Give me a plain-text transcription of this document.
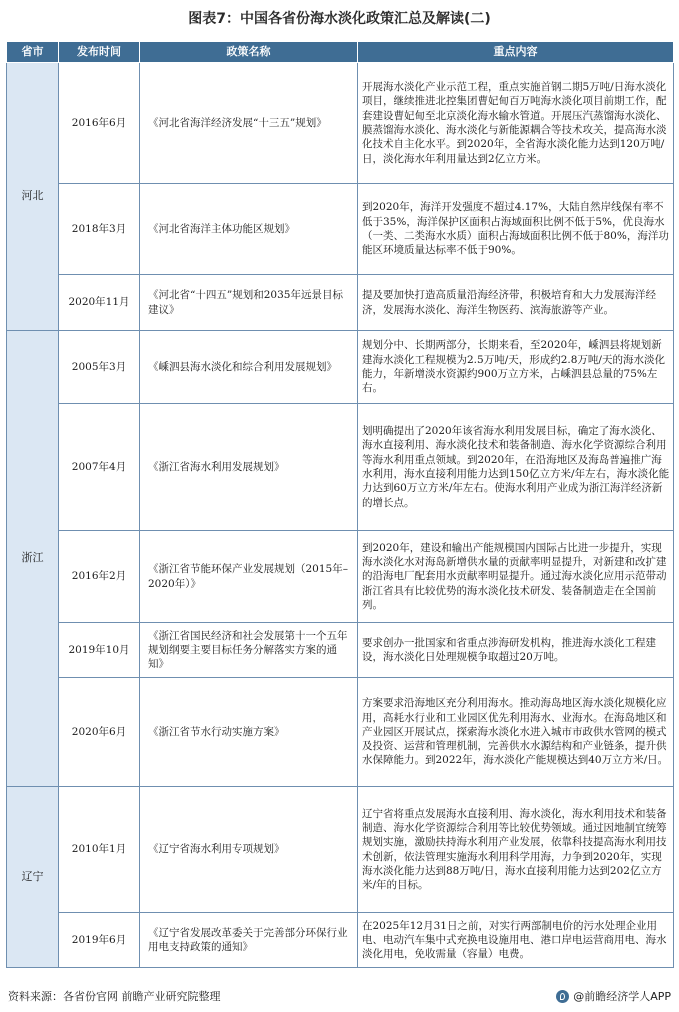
图表7：中国各省份海水淡化政策汇总及解读(二)
省市	发布时间	政策名称	重点内容
河北	2016年6月	《河北省海洋经济发展“十三五”规划》	开展海水淡化产业示范工程，重点实施首钢二期5万吨/日海水淡化项目，继续推进北控集团曹妃甸百万吨海水淡化项目前期工作，配套建设曹妃甸至北京淡化海水输水管道。开展压汽蒸馏海水淡化、膜蒸馏海水淡化、海水淡化与新能源耦合等技术攻关，提高海水淡化技术自主化水平。到2020年，全省海水淡化能力达到120万吨/日，淡化海水年利用量达到2亿立方米。
	2018年3月	《河北省海洋主体功能区规划》	到2020年，海洋开发强度不超过4.17%，大陆自然岸线保有率不低于35%，海洋保护区面积占海域面积比例不低于5%，优良海水（一类、二类海水水质）面积占海域面积比例不低于80%，海洋功能区环境质量达标率不低于90%。
	2020年11月	《河北省“十四五”规划和2035年远景目标建议》	提及要加快打造高质量沿海经济带，积极培育和大力发展海洋经济，发展海水淡化、海洋生物医药、滨海旅游等产业。
浙江	2005年3月	《嵊泗县海水淡化和综合利用发展规划》	规划分中、长期两部分，长期来看，至2020年，嵊泗县将规划新建海水淡化工程规模为2.5万吨/天，形成约2.8万吨/天的海水淡化能力，年新增淡水资源约900万立方米，占嵊泗县总量的75%左右。
	2007年4月	《浙江省海水利用发展规划》	划明确提出了2020年该省海水利用发展目标，确定了海水淡化、海水直接利用、海水淡化技术和装备制造、海水化学资源综合利用等海水利用重点领域。到2020年，在沿海地区及海岛普遍推广海水利用，海水直接利用能力达到150亿立方米/年左右，海水淡化能力达到60万立方米/年左右。使海水利用产业成为浙江海洋经济新的增长点。
	2016年2月	《浙江省节能环保产业发展规划（2015年–2020年）》	到2020年，建设和输出产能规模国内国际占比进一步提升，实现海水淡化水对海岛新增供水量的贡献率明显提升，对新建和改扩建的沿海电厂配套用水贡献率明显提升。通过海水淡化应用示范带动浙江省具有比较优势的海水淡化技术研发、装备制造走在全国前列。
	2019年10月	《浙江省国民经济和社会发展第十一个五年规划纲要主要目标任务分解落实方案的通知》	要求创办一批国家和省重点涉海研发机构，推进海水淡化工程建设，海水淡化日处理规模争取超过20万吨。
	2020年6月	《浙江省节水行动实施方案》	方案要求沿海地区充分利用海水。推动海岛地区海水淡化规模化应用，高耗水行业和工业园区优先利用海水、业海水。在海岛地区和产业园区开展试点，探索海水淡化水进入城市市政供水管网的模式及投资、运营和管理机制，完善供水水源结构和产业链条，提升供水保障能力。到2022年，海水淡化产能规模达到40万立方米/日。
辽宁	2010年1月	《辽宁省海水利用专项规划》	辽宁省将重点发展海水直接利用、海水淡化，海水利用技术和装备制造、海水化学资源综合利用等比较优势领域。通过因地制宜统筹规划实施，激励扶持海水利用产业发展，依靠科技提高海水利用技术创新，依法管理实施海水利用科学用海，力争到2020年，实现海水淡化能力达到88万吨/日，海水直接利用能力达到202亿立方米/年的目标。
	2019年6月	《辽宁省发展改革委关于完善部分环保行业用电支持政策的通知》	在2025年12月31日之前，对实行两部制电价的污水处理企业用电、电动汽车集中式充换电设施用电、港口岸电运营商用电、海水淡化用电，免收需量（容量）电费。
资料来源：各省份官网 前瞻产业研究院整理	@前瞻经济学人APP
